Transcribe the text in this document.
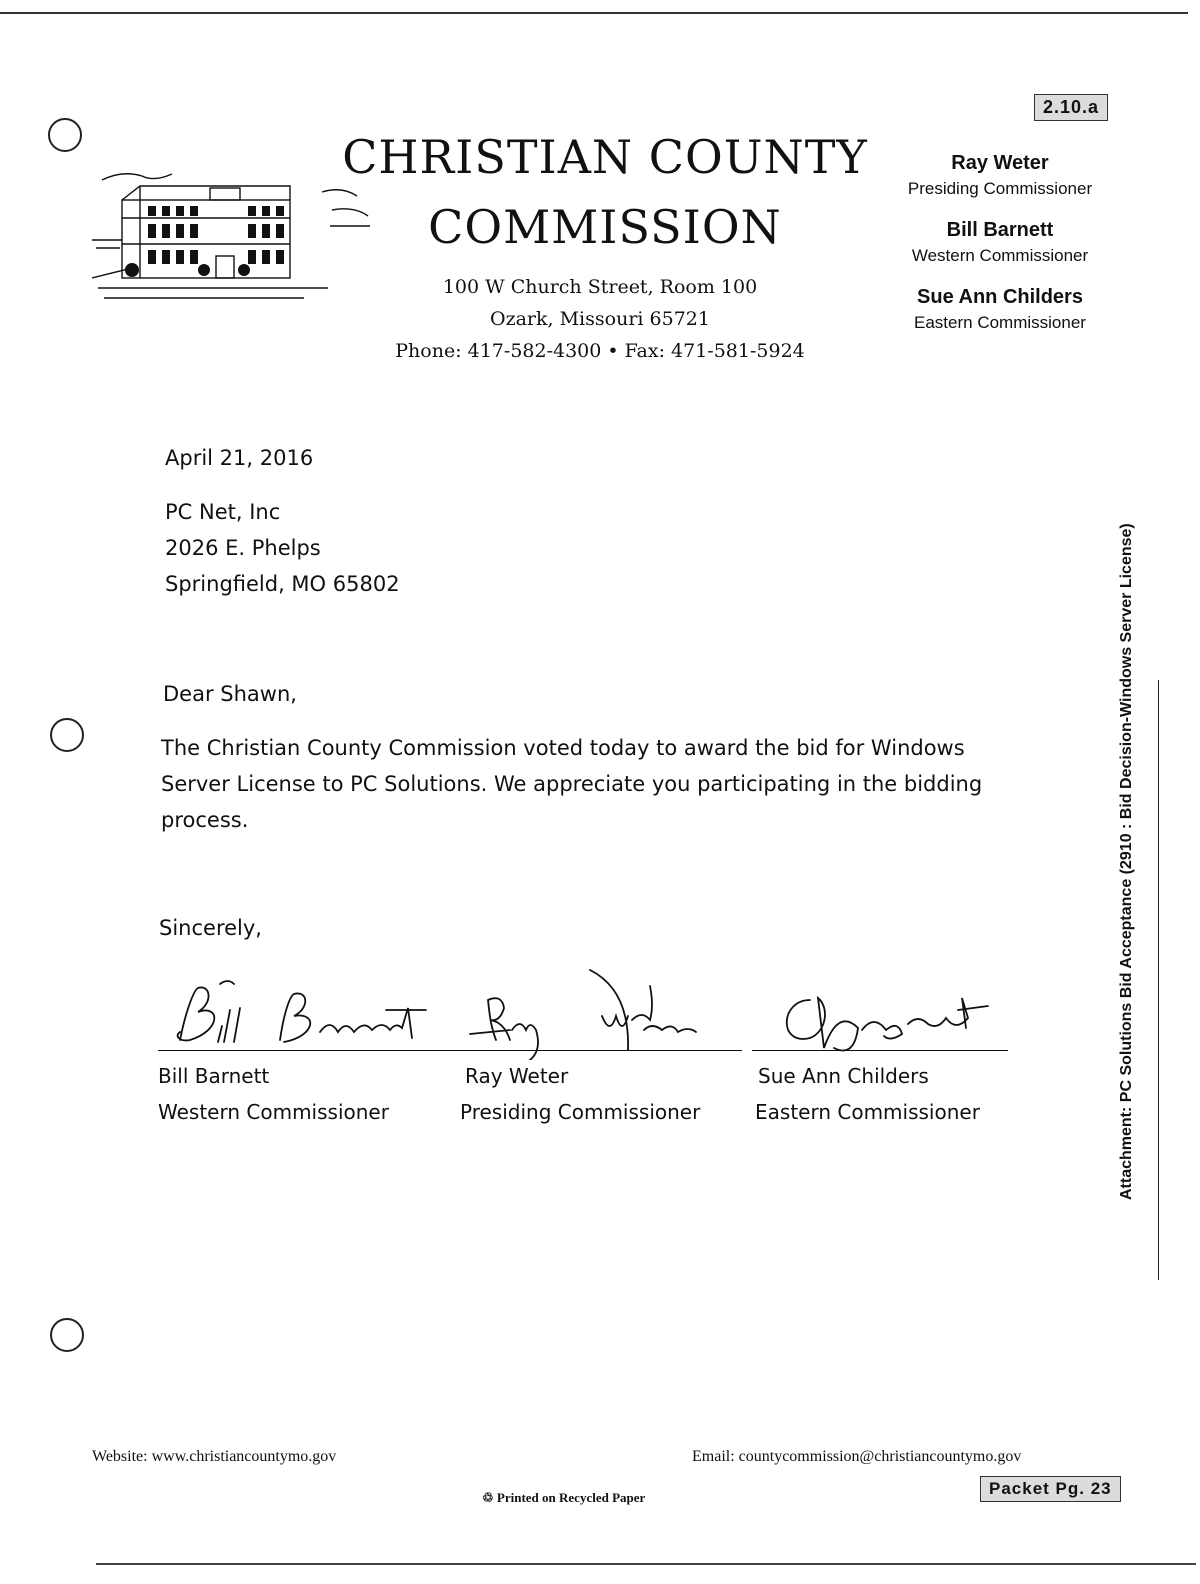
2.10.a
CHRISTIAN COUNTY
COMMISSION
100 W Church Street, Room 100
Ozark, Missouri 65721
Phone: 417-582-4300 • Fax: 471-581-5924
Ray Weter
Presiding Commissioner
Bill Barnett
Western Commissioner
Sue Ann Childers
Eastern Commissioner
April 21, 2016
PC Net, Inc
2026 E. Phelps
Springfield, MO 65802
Dear Shawn,
The Christian County Commission voted today to award the bid for Windows
Server License to PC Solutions. We appreciate you participating in the bidding
process.
Sincerely,
Bill Barnett
Western Commissioner
Ray Weter
Presiding Commissioner
Sue Ann Childers
Eastern Commissioner	Attachment: PC Solutions Bid Acceptance (2910 : Bid Decision-Windows Server License)
Website: www.christiancountymo.gov	Email: countycommission@christiancountymo.gov
♲ Printed on Recycled Paper	Packet Pg. 23
